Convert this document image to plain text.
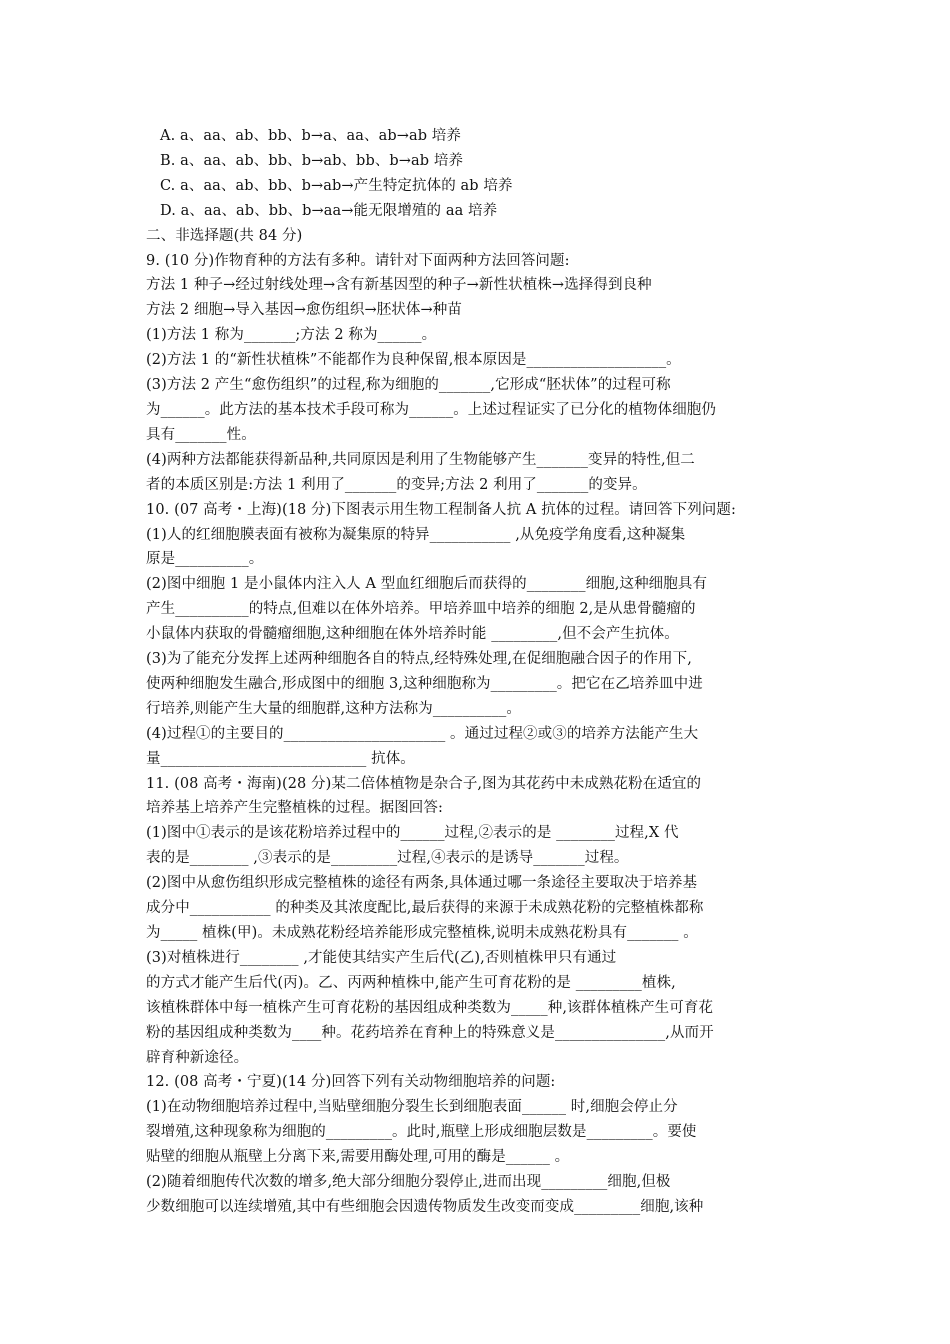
A. a、aa、ab、bb、b→a、aa、ab→ab 培养
B. a、aa、ab、bb、b→ab、bb、b→ab 培养
C. a、aa、ab、bb、b→ab→产生特定抗体的 ab 培养
D. a、aa、ab、bb、b→aa→能无限增殖的 aa 培养
二、非选择题(共 84 分)
9. (10 分)作物育种的方法有多种。请针对下面两种方法回答问题:
方法 1 种子→经过射线处理→含有新基因型的种子→新性状植株→选择得到良种
方法 2 细胞→导入基因→愈伤组织→胚状体→种苗
(1)方法 1 称为_______;方法 2 称为______。
(2)方法 1 的“新性状植株”不能都作为良种保留,根本原因是___________________。
(3)方法 2 产生“愈伤组织”的过程,称为细胞的_______,它形成“胚状体”的过程可称
为______。此方法的基本技术手段可称为______。上述过程证实了已分化的植物体细胞仍
具有_______性。
(4)两种方法都能获得新品种,共同原因是利用了生物能够产生_______变异的特性,但二
者的本质区别是:方法 1 利用了_______的变异;方法 2 利用了_______的变异。
10. (07 高考・上海)(18 分)下图表示用生物工程制备人抗 A 抗体的过程。请回答下列问题:
(1)人的红细胞膜表面有被称为凝集原的特异___________ ,从免疫学角度看,这种凝集
原是__________。
(2)图中细胞 1 是小鼠体内注入人 A 型血红细胞后而获得的________细胞,这种细胞具有
产生__________的特点,但难以在体外培养。甲培养皿中培养的细胞 2,是从患骨髓瘤的
小鼠体内获取的骨髓瘤细胞,这种细胞在体外培养时能 _________,但不会产生抗体。
(3)为了能充分发挥上述两种细胞各自的特点,经特殊处理,在促细胞融合因子的作用下,
使两种细胞发生融合,形成图中的细胞 3,这种细胞称为_________。把它在乙培养皿中进
行培养,则能产生大量的细胞群,这种方法称为__________。
(4)过程①的主要目的______________________ 。通过过程②或③的培养方法能产生大
量____________________________ 抗体。
11. (08 高考・海南)(28 分)某二倍体植物是杂合子,图为其花药中未成熟花粉在适宜的
培养基上培养产生完整植株的过程。据图回答:
(1)图中①表示的是该花粉培养过程中的______过程,②表示的是 ________过程,X 代
表的是________ ,③表示的是_________过程,④表示的是诱导_______过程。
(2)图中从愈伤组织形成完整植株的途径有两条,具体通过哪一条途径主要取决于培养基
成分中___________ 的种类及其浓度配比,最后获得的来源于未成熟花粉的完整植株都称
为_____ 植株(甲)。未成熟花粉经培养能形成完整植株,说明未成熟花粉具有_______ 。
(3)对植株进行________ ,才能使其结实产生后代(乙),否则植株甲只有通过
的方式才能产生后代(丙)。乙、丙两种植株中,能产生可育花粉的是 _________植株,
该植株群体中每一植株产生可育花粉的基因组成种类数为_____种,该群体植株产生可育花
粉的基因组成种类数为____种。花药培养在育种上的特殊意义是_______________,从而开
辟育种新途径。
12. (08 高考・宁夏)(14 分)回答下列有关动物细胞培养的问题:
(1)在动物细胞培养过程中,当贴壁细胞分裂生长到细胞表面______ 时,细胞会停止分
裂增殖,这种现象称为细胞的_________。此时,瓶壁上形成细胞层数是_________。要使
贴壁的细胞从瓶壁上分离下来,需要用酶处理,可用的酶是______ 。
(2)随着细胞传代次数的增多,绝大部分细胞分裂停止,进而出现_________细胞,但极
少数细胞可以连续增殖,其中有些细胞会因遗传物质发生改变而变成_________细胞,该种
